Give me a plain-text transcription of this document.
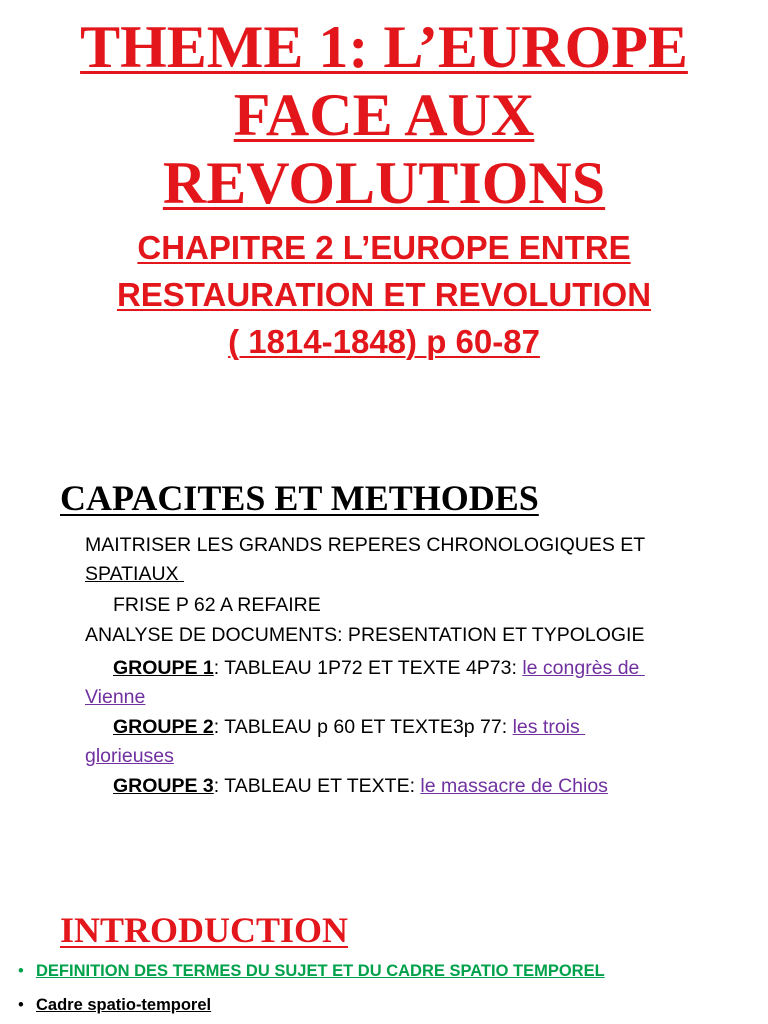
THEME 1: L’EUROPE
FACE AUX
REVOLUTIONS
CHAPITRE 2 L’EUROPE ENTRE
RESTAURATION ET REVOLUTION
( 1814-1848) p 60-87
CAPACITES ET METHODES
MAITRISER LES GRANDS REPERES CHRONOLOGIQUES ET
SPATIAUX
FRISE P 62 A REFAIRE
ANALYSE DE DOCUMENTS: PRESENTATION ET TYPOLOGIE
GROUPE 1: TABLEAU 1P72 ET TEXTE 4P73: le congrès de
Vienne
GROUPE 2: TABLEAU p 60 ET TEXTE3p 77: les trois
glorieuses
GROUPE 3: TABLEAU ET TEXTE: le massacre de Chios
INTRODUCTION
• DEFINITION DES TERMES DU SUJET ET DU CADRE SPATIO TEMPOREL
• Cadre spatio-temporel
